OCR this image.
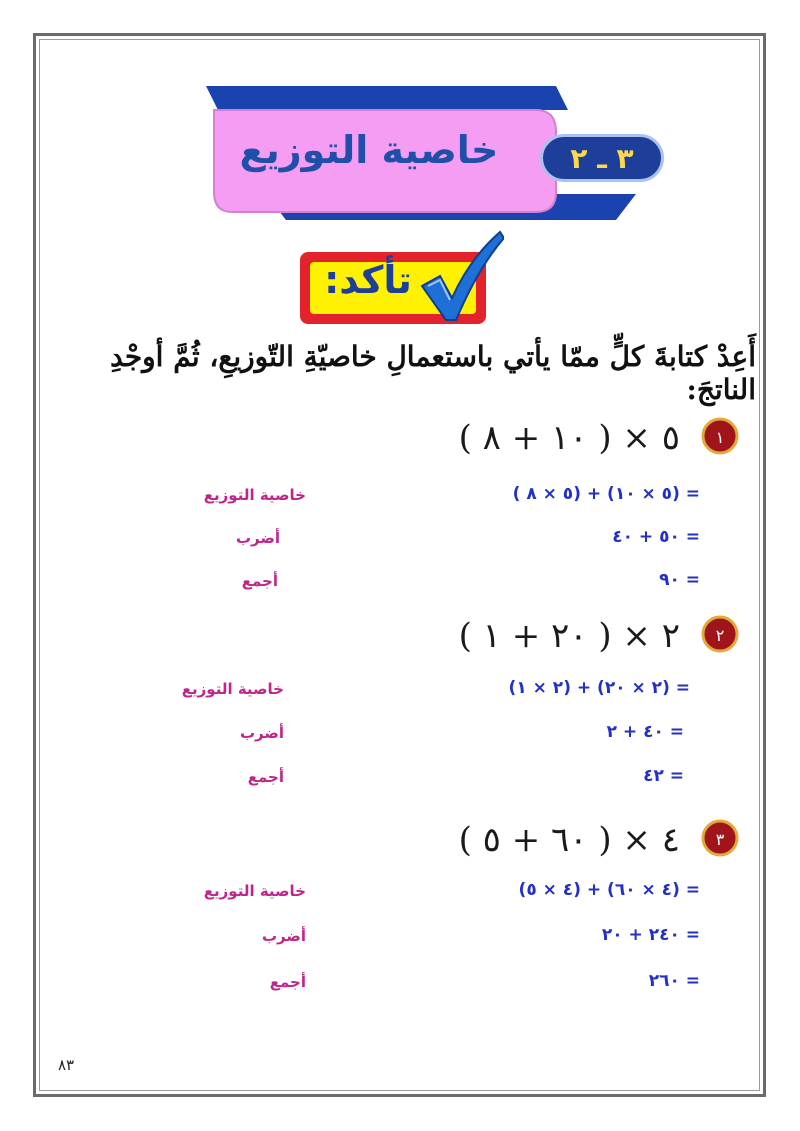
٣ ـ ٢
خاصية التوزيع
تأكد:
أَعِدْ كتابةَ كلٍّ ممّا يأتي باستعمالِ خاصيّةِ التّوزيعِ، ثُمَّ أوجْدِ الناتجَ:
١
٥ × ( ١٠ + ٨ )
= (٥ × ١٠) + (٥ × ٨ )
خاصية التوزيع
= ٥٠ + ٤٠
أضرب
= ٩٠
أجمع
٢
٢ × ( ٢٠ + ١ )
= (٢ × ٢٠) + (٢ × ١)
خاصية التوزيع
= ٤٠ + ٢
أضرب
= ٤٢
أجمع
٣
٤ × ( ٦٠ + ٥ )
= (٤ × ٦٠) + (٤ × ٥)
خاصية التوزيع
= ٢٤٠ + ٢٠
أضرب
= ٢٦٠
أجمع
٨٣
